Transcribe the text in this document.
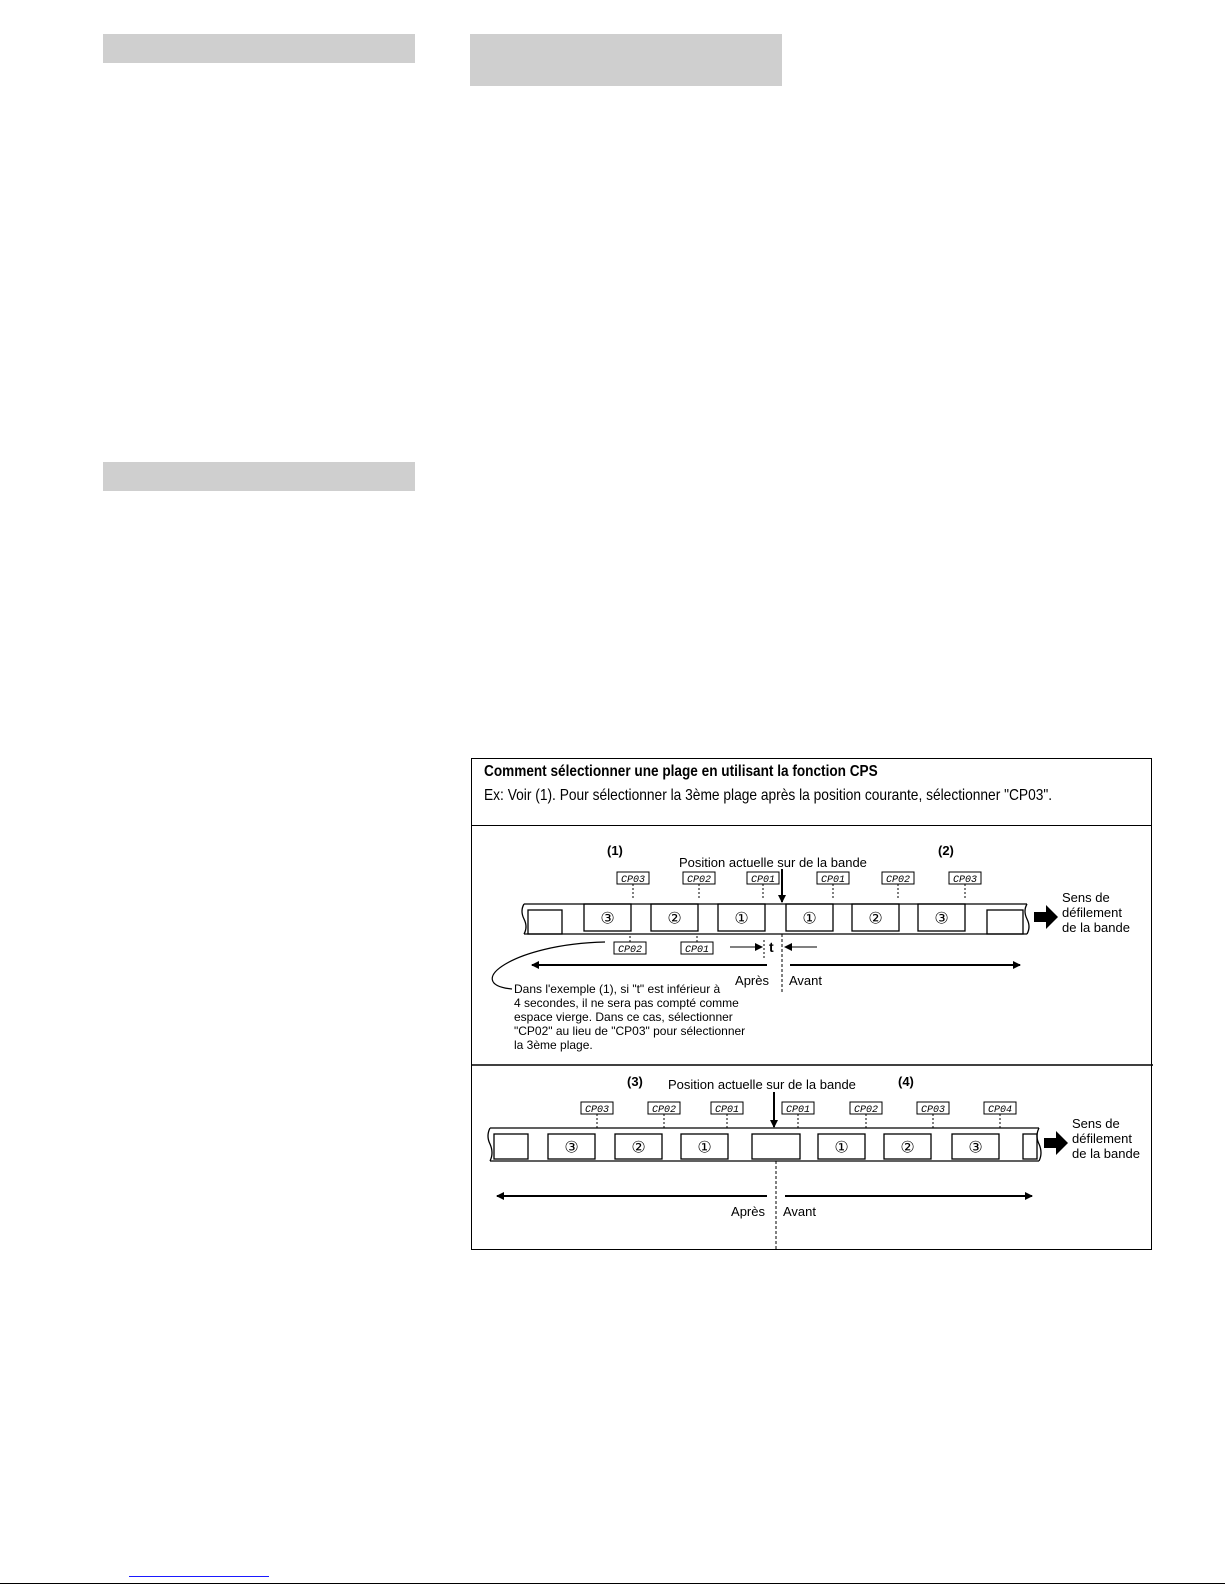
Comment sélectionner une plage en utilisant la fonction CPS
Ex: Voir (1). Pour sélectionner la 3ème plage après la position courante, sélectionner "CP03".
(1)	(2)
Position actuelle sur de la bande
③	②	①	①	②	③
CP03	CP02	CP01	CP01	CP02	CP03
CP02	CP01	t
Après Avant
Sens de
défilement
de la bande
Dans l'exemple (1), si "t" est inférieur à
4 secondes, il ne sera pas compté comme
espace vierge. Dans ce cas, sélectionner
"CP02" au lieu de "CP03" pour sélectionner
la 3ème plage.
(3)	(4)
Position actuelle sur de la bande
③	②	①	①	②	③
CP03	CP02	CP01	CP01	CP02	CP03	CP04
Après Avant
Sens de
défilement
de la bande
